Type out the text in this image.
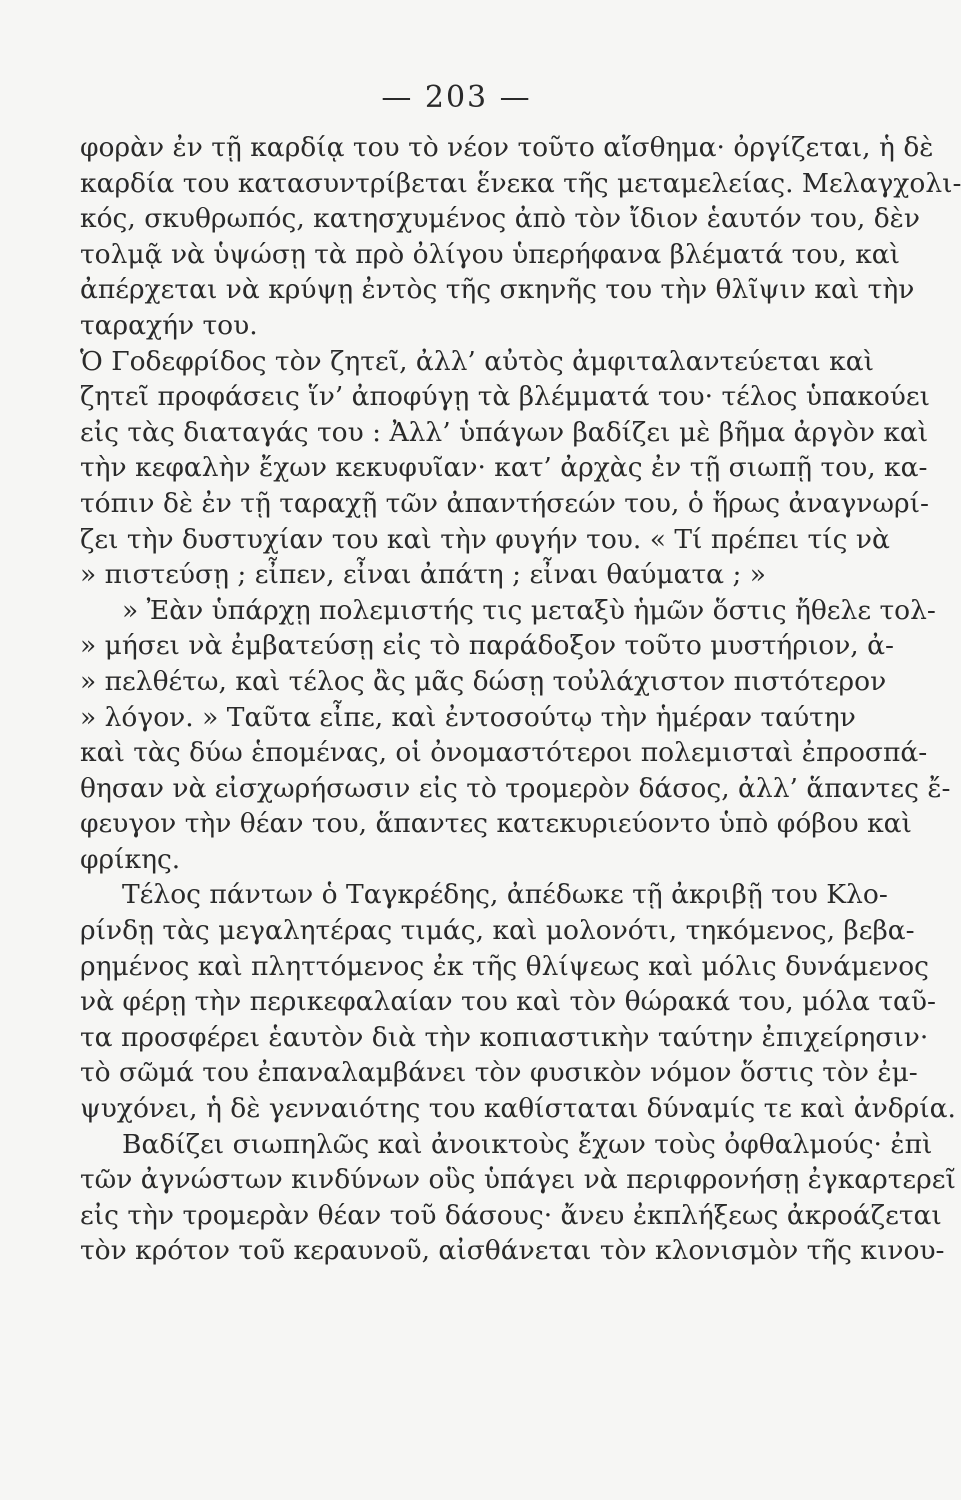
— 203 —
φορὰν ἐν τῇ καρδίᾳ του τὸ νέον τοῦτο αἴσθημα· ὀργίζεται, ἡ δὲ
καρδία του κατασυντρίβεται ἕνεκα τῆς μεταμελείας. Μελαγχολι-
κός, σκυθρωπός, κατησχυμένος ἀπὸ τὸν ἴδιον ἑαυτόν του, δὲν
τολμᾷ νὰ ὑψώσῃ τὰ πρὸ ὀλίγου ὑπερήφανα βλέματά του, καὶ
ἀπέρχεται νὰ κρύψῃ ἐντὸς τῆς σκηνῆς του τὴν θλῖψιν καὶ τὴν
ταραχήν του.
Ὁ Γοδεφρίδος τὸν ζητεῖ, ἀλλ’ αὐτὸς ἀμφιταλαντεύεται καὶ
ζητεῖ προφάσεις ἵν’ ἀποφύγῃ τὰ βλέμματά του· τέλος ὑπακούει
εἰς τὰς διαταγάς του : Ἀλλ’ ὑπάγων βαδίζει μὲ βῆμα ἀργὸν καὶ
τὴν κεφαλὴν ἔχων κεκυφυῖαν· κατ’ ἀρχὰς ἐν τῇ σιωπῇ του, κα-
τόπιν δὲ ἐν τῇ ταραχῇ τῶν ἀπαντήσεών του, ὁ ἥρως ἀναγνωρί-
ζει τὴν δυστυχίαν του καὶ τὴν φυγήν του. « Τί πρέπει τίς νὰ
» πιστεύσῃ ; εἶπεν, εἶναι ἀπάτη ; εἶναι θαύματα ; »
» Ἐὰν ὑπάρχῃ πολεμιστής τις μεταξὺ ἡμῶν ὅστις ἤθελε τολ-
» μήσει νὰ ἐμβατεύσῃ εἰς τὸ παράδοξον τοῦτο μυστήριον, ἀ-
» πελθέτω, καὶ τέλος ἂς μᾶς δώσῃ τοὐλάχιστον πιστότερον
» λόγον. » Ταῦτα εἶπε, καὶ ἐντοσούτῳ τὴν ἡμέραν ταύτην
καὶ τὰς δύω ἑπομένας, οἱ ὀνομαστότεροι πολεμισταὶ ἐπροσπά-
θησαν νὰ εἰσχωρήσωσιν εἰς τὸ τρομερὸν δάσος, ἀλλ’ ἅπαντες ἔ-
φευγον τὴν θέαν του, ἅπαντες κατεκυριεύοντο ὑπὸ φόβου καὶ
φρίκης.
Τέλος πάντων ὁ Ταγκρέδης, ἀπέδωκε τῇ ἀκριβῇ του Κλο-
ρίνδῃ τὰς μεγαλητέρας τιμάς, καὶ μολονότι, τηκόμενος, βεβα-
ρημένος καὶ πληττόμενος ἐκ τῆς θλίψεως καὶ μόλις δυνάμενος
νὰ φέρῃ τὴν περικεφαλαίαν του καὶ τὸν θώρακά του, μόλα ταῦ-
τα προσφέρει ἑαυτὸν διὰ τὴν κοπιαστικὴν ταύτην ἐπιχείρησιν·
τὸ σῶμά του ἐπαναλαμβάνει τὸν φυσικὸν νόμον ὅστις τὸν ἐμ-
ψυχόνει, ἡ δὲ γενναιότης του καθίσταται δύναμίς τε καὶ ἀνδρία.
Βαδίζει σιωπηλῶς καὶ ἀνοικτοὺς ἔχων τοὺς ὀφθαλμούς· ἐπὶ
τῶν ἀγνώστων κινδύνων οὓς ὑπάγει νὰ περιφρονήσῃ ἐγκαρτερεῖ
εἰς τὴν τρομερὰν θέαν τοῦ δάσους· ἄνευ ἐκπλήξεως ἀκροάζεται
τὸν κρότον τοῦ κεραυνοῦ, αἰσθάνεται τὸν κλονισμὸν τῆς κινου-
